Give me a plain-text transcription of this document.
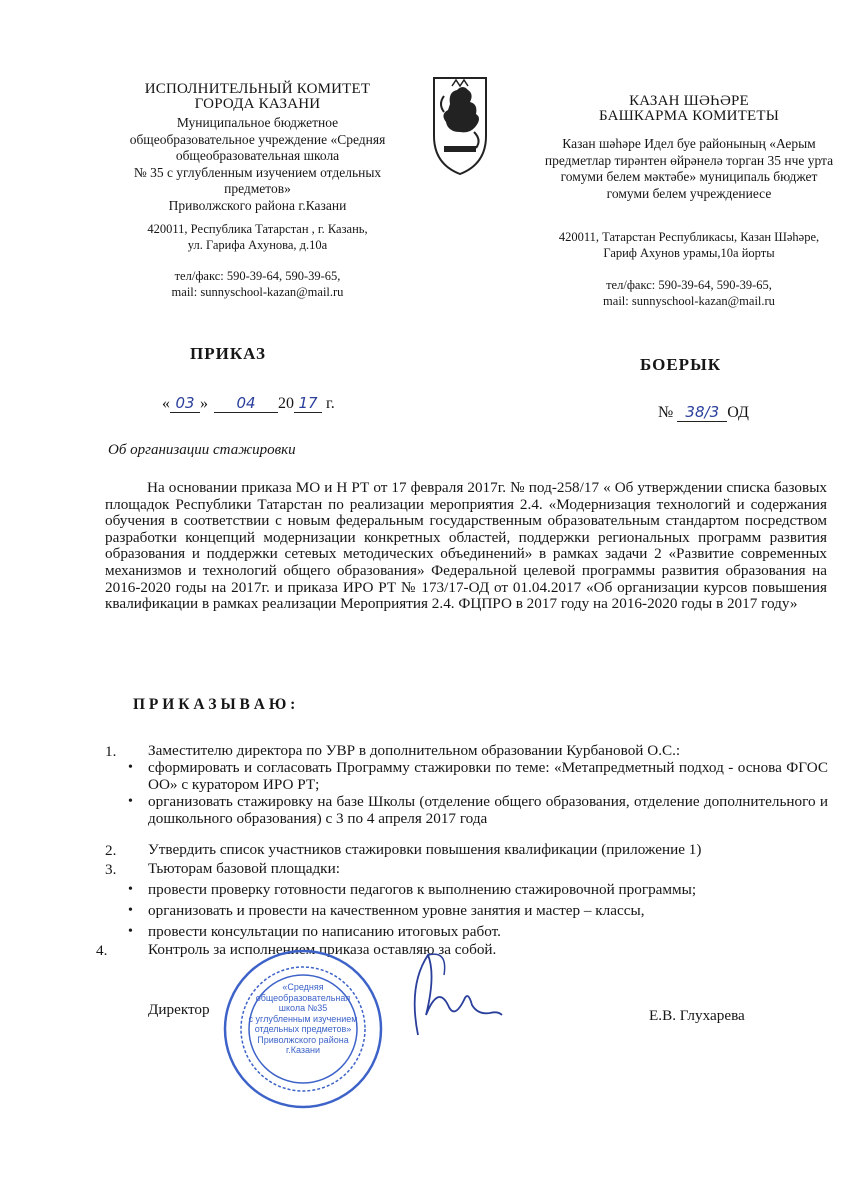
ИСПОЛНИТЕЛЬНЫЙ КОМИТЕТ
ГОРОДА КАЗАНИ
Муниципальное бюджетное
общеобразовательное учреждение «Средняя
общеобразовательная школа
№ 35 с углубленным изучением отдельных
предметов»
Приволжского района г.Казани
420011, Республика Татарстан , г. Казань,
ул. Гарифа Ахунова, д.10а
тел/факс: 590-39-64, 590-39-65,
mail: sunnyschool-kazan@mail.ru
КАЗАН ШӘҺӘРЕ
БАШКАРМА КОМИТЕТЫ
Казан шәһәре Идел буе районының «Аерым
предметлар тирәнтен өйрәнелә торган 35 нче урта
гомуми белем мәктәбе» муниципаль бюджет
гомуми белем учреждениесе
420011, Татарстан Республикасы, Казан Шәһәре,
Гариф Ахунов урамы,10а йорты
тел/факс: 590-39-64, 590-39-65,
mail: sunnyschool-kazan@mail.ru
ПРИКАЗ
БОЕРЫК
« 03 » 04 20 17 г.
№ 38/3 ОД
Об организации стажировки
На основании приказа МО и Н РТ от 17 февраля 2017г. № под-258/17 « Об утверждении списка базовых площадок Республики Татарстан по реализации мероприятия 2.4. «Модернизация технологий и содержания обучения в соответствии с новым федеральным государственным образовательным стандартом посредством разработки концепций модернизации конкретных областей, поддержки региональных программ развития образования и поддержки сетевых методических объединений» в рамках задачи 2 «Развитие современных механизмов и технологий общего образования» Федеральной целевой программы развития образования на 2016-2020 годы на 2017г. и приказа ИРО РТ № 173/17-ОД от 01.04.2017 «Об организации курсов повышения квалификации в рамках реализации Мероприятия 2.4. ФЦПРО в 2017 году на 2016-2020 годы в 2017 году»
П Р И К А З Ы В А Ю :
1. Заместителю директора по УВР в дополнительном образовании Курбановой О.С.:
• сформировать и согласовать Программу стажировки по теме: «Метапредметный подход - основа ФГОС ОО» с куратором ИРО РТ;
• организовать стажировку на базе Школы (отделение общего образования, отделение дополнительного и дошкольного образования) с 3 по 4 апреля 2017 года
2. Утвердить список участников стажировки повышения квалификации (приложение 1)
3. Тьюторам базовой площадки:
• провести проверку готовности педагогов к выполнению стажировочной программы;
• организовать и провести на качественном уровне занятия и мастер – классы,
• провести консультации по написанию итоговых работ.
4.	Контроль за исполнением приказа оставляю за собой.
«Средняя
общеобразовательная
школа №35
с углубленным изучением
отдельных предметов»
Приволжского района
г.Казани
Директор	Е.В. Глухарева
